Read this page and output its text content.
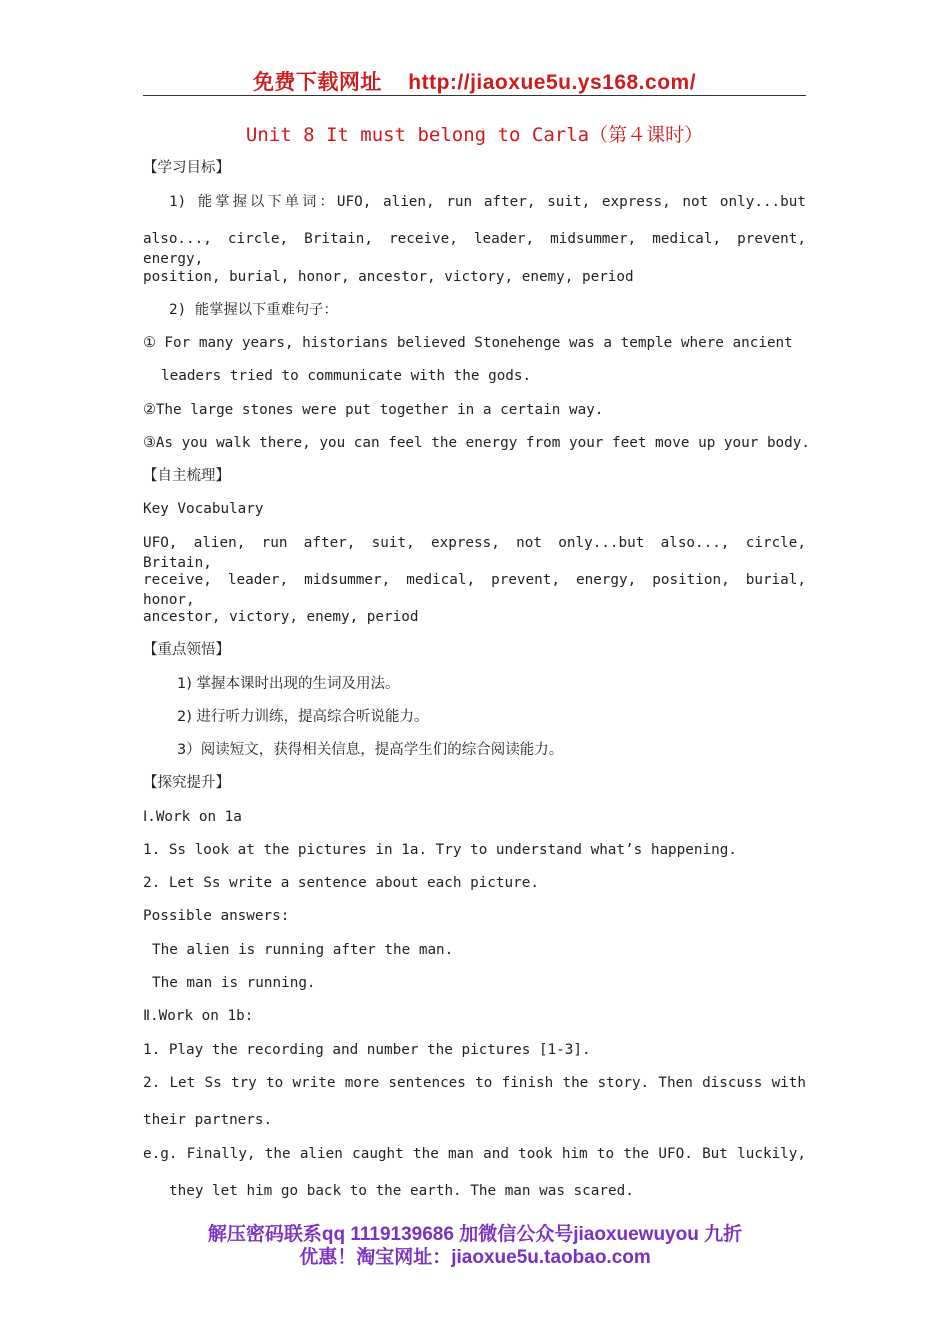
免费下载网址 http://jiaoxue5u.ys168.com/
Unit 8 It must belong to Carla（第４课时）
【学习目标】
1) 能掌握以下单词：UFO, alien, run after, suit, express, not only...but
also..., circle, Britain, receive, leader, midsummer, medical, prevent, energy,
position, burial, honor, ancestor, victory, enemy, period
2) 能掌握以下重难句子：
① For many years, historians believed Stonehenge was a temple where ancient
leaders tried to communicate with the gods.
②The large stones were put together in a certain way.
③As you walk there, you can feel the energy from your feet move up your body.
【自主梳理】
Key Vocabulary
UFO, alien, run after, suit, express, not only...but also..., circle, Britain,
receive, leader, midsummer, medical, prevent, energy, position, burial, honor,
ancestor, victory, enemy, period
【重点领悟】
1) 掌握本课时出现的生词及用法。
2) 进行听力训练，提高综合听说能力。
3）阅读短文，获得相关信息，提高学生们的综合阅读能力。
【探究提升】
Ⅰ.Work on 1a
1. Ss look at the pictures in 1a. Try to understand what’s happening.
2. Let Ss write a sentence about each picture.
Possible answers:
The alien is running after the man.
The man is running.
Ⅱ.Work on 1b:
1. Play the recording and number the pictures [1-3].
2. Let Ss try to write more sentences to finish the story. Then discuss with
their partners.
e.g. Finally, the alien caught the man and took him to the UFO. But luckily,
they let him go back to the earth. The man was scared.
解压密码联系qq 1119139686 加微信公众号jiaoxuewuyou 九折
优惠！淘宝网址：jiaoxue5u.taobao.com
